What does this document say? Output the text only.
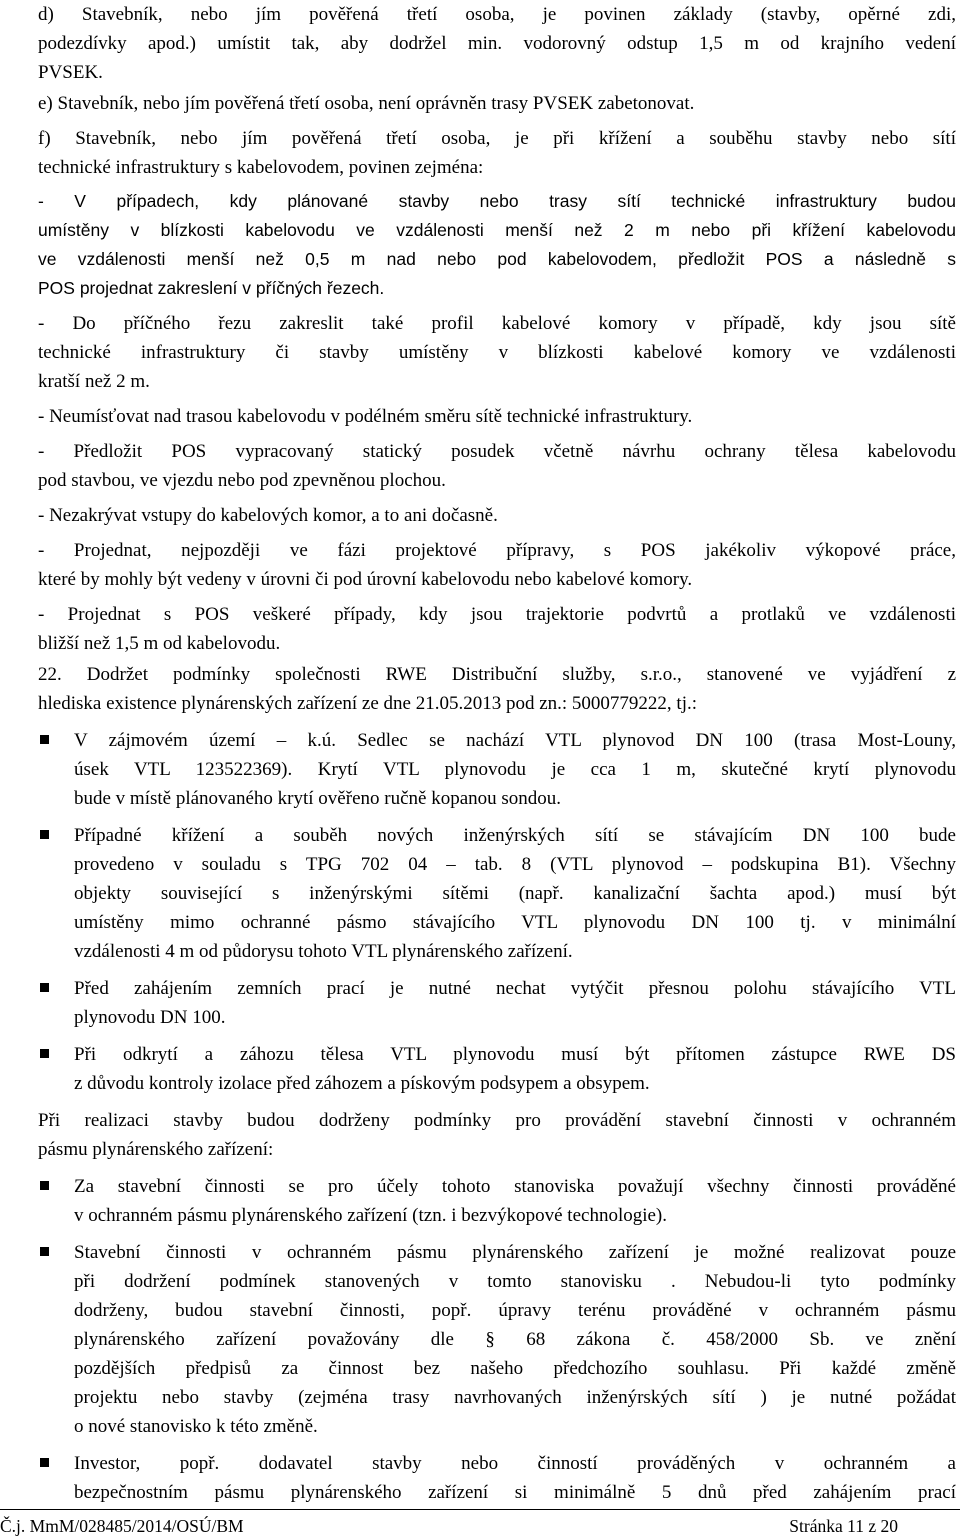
d) Stavebník, nebo jím pověřená třetí osoba, je povinen základy (stavby, opěrné zdi,
podezdívky apod.) umístit tak, aby dodržel min. vodorovný odstup 1,5 m od krajního vedení
PVSEK.
e) Stavebník, nebo jím pověřená třetí osoba, není oprávněn trasy PVSEK zabetonovat.
f) Stavebník, nebo jím pověřená třetí osoba, je při křížení a souběhu stavby nebo sítí
technické infrastruktury s kabelovodem, povinen zejména:
- V případech, kdy plánované stavby nebo trasy sítí technické infrastruktury budou
umístěny v blízkosti kabelovodu ve vzdálenosti menší než 2 m nebo při křížení kabelovodu
ve vzdálenosti menší než 0,5 m nad nebo pod kabelovodem, předložit POS a následně s
POS projednat zakreslení v příčných řezech.
- Do příčného řezu zakreslit také profil kabelové komory v případě, kdy jsou sítě
technické infrastruktury či stavby umístěny v blízkosti kabelové komory ve vzdálenosti
kratší než 2 m.
- Neumísťovat nad trasou kabelovodu v podélném směru sítě technické infrastruktury.
- Předložit POS vypracovaný statický posudek včetně návrhu ochrany tělesa kabelovodu
pod stavbou, ve vjezdu nebo pod zpevněnou plochou.
- Nezakrývat vstupy do kabelových komor, a to ani dočasně.
- Projednat, nejpozději ve fázi projektové přípravy, s POS jakékoliv výkopové práce,
které by mohly být vedeny v úrovni či pod úrovní kabelovodu nebo kabelové komory.
- Projednat s POS veškeré případy, kdy jsou trajektorie podvrtů a protlaků ve vzdálenosti
bližší než 1,5 m od kabelovodu.
22. Dodržet podmínky společnosti RWE Distribuční služby, s.r.o., stanovené ve vyjádření z
hlediska existence plynárenských zařízení ze dne 21.05.2013 pod zn.: 5000779222, tj.:
V zájmovém území – k.ú. Sedlec se nachází VTL plynovod DN 100 (trasa Most-Louny,
úsek VTL 123522369). Krytí VTL plynovodu je cca 1 m, skutečné krytí plynovodu
bude v místě plánovaného krytí ověřeno ručně kopanou sondou.
Případné křížení a souběh nových inženýrských sítí se stávajícím DN 100 bude
provedeno v souladu s TPG 702 04 – tab. 8 (VTL plynovod – podskupina B1). Všechny
objekty související s inženýrskými sítěmi (např. kanalizační šachta apod.) musí být
umístěny mimo ochranné pásmo stávajícího VTL plynovodu DN 100 tj. v minimální
vzdálenosti 4 m od půdorysu tohoto VTL plynárenského zařízení.
Před zahájením zemních prací je nutné nechat vytýčit přesnou polohu stávajícího VTL
plynovodu DN 100.
Při odkrytí a záhozu tělesa VTL plynovodu musí být přítomen zástupce RWE DS
z důvodu kontroly izolace před záhozem a pískovým podsypem a obsypem.
Při realizaci stavby budou dodrženy podmínky pro provádění stavební činnosti v ochranném
pásmu plynárenského zařízení:
Za stavební činnosti se pro účely tohoto stanoviska považují všechny činnosti prováděné
v ochranném pásmu plynárenského zařízení (tzn. i bezvýkopové technologie).
Stavební činnosti v ochranném pásmu plynárenského zařízení je možné realizovat pouze
při dodržení podmínek stanovených v tomto stanovisku . Nebudou-li tyto podmínky
dodrženy, budou stavební činnosti, popř. úpravy terénu prováděné v ochranném pásmu
plynárenského zařízení považovány dle § 68 zákona č. 458/2000 Sb. ve znění
pozdějších předpisů za činnost bez našeho předchozího souhlasu. Při každé změně
projektu nebo stavby (zejména trasy navrhovaných inženýrských sítí ) je nutné požádat
o nové stanovisko k této změně.
Investor, popř. dodavatel stavby nebo činností prováděných v ochranném a
bezpečnostním pásmu plynárenského zařízení si minimálně 5 dnů před zahájením prací
Č.j. MmM/028485/2014/OSÚ/BM	Stránka 11 z 20
